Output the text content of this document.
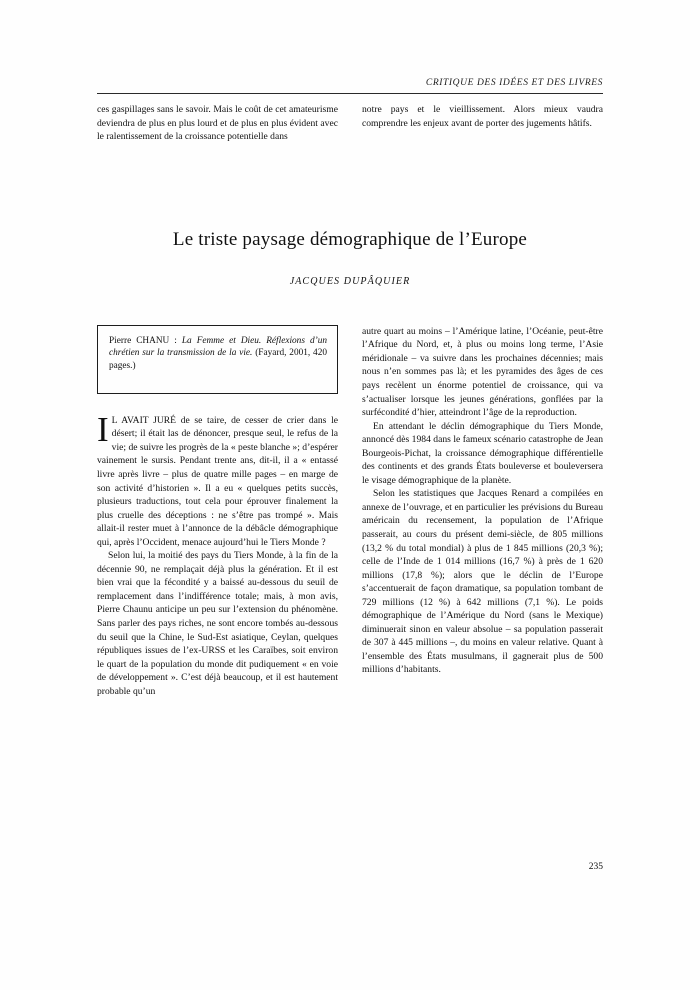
CRITIQUE DES IDÉES ET DES LIVRES
ces gaspillages sans le savoir. Mais le coût de cet amateurisme deviendra de plus en plus lourd et de plus en plus évident avec le ralentissement de la croissance potentielle dans
notre pays et le vieillissement. Alors mieux vaudra comprendre les enjeux avant de porter des jugements hâtifs.
Le triste paysage démographique de l’Europe
JACQUES DUPÂQUIER
Pierre CHANU : La Femme et Dieu. Réflexions d’un chrétien sur la transmission de la vie. (Fayard, 2001, 420 pages.)

I L AVAIT JURÉ de se taire, de cesser de crier dans le désert; il était las de dénoncer, presque seul, le refus de la vie; de suivre les progrès de la « peste blanche »; d’espérer vainement le sursis. Pendant trente ans, dit-il, il a « entassé livre après livre – plus de quatre mille pages – en marge de son activité d’historien ». Il a eu « quelques petits succès, plusieurs traductions, tout cela pour éprouver finalement la plus cruelle des déceptions : ne s’être pas trompé ». Mais allait-il rester muet à l’annonce de la débâcle démographique qui, après l’Occident, menace aujourd’hui le Tiers Monde ?

Selon lui, la moitié des pays du Tiers Monde, à la fin de la décennie 90, ne remplaçait déjà plus la génération. Et il est bien vrai que la fécondité y a baissé au-dessous du seuil de remplacement dans l’indifférence totale; mais, à mon avis, Pierre Chaunu anticipe un peu sur l’extension du phénomène. Sans parler des pays riches, ne sont encore tombés au-dessous du seuil que la Chine, le Sud-Est asiatique, Ceylan, quelques républiques issues de l’ex-URSS et les Caraïbes, soit environ le quart de la population du monde dit pudiquement « en voie de développement ». C’est déjà beaucoup, et il est hautement probable qu’un

autre quart au moins – l’Amérique latine, l’Océanie, peut-être l’Afrique du Nord, et, à plus ou moins long terme, l’Asie méridionale – va suivre dans les prochaines décennies; mais nous n’en sommes pas là; et les pyramides des âges de ces pays recèlent un énorme potentiel de croissance, qui va s’actualiser lorsque les jeunes générations, gonflées par la surfécondité d’hier, atteindront l’âge de la reproduction.

En attendant le déclin démographique du Tiers Monde, annoncé dès 1984 dans le fameux scénario catastrophe de Jean Bourgeois-Pichat, la croissance démographique différentielle des continents et des grands États bouleverse et bouleversera le visage démographique de la planète.

Selon les statistiques que Jacques Renard a compilées en annexe de l’ouvrage, et en particulier les prévisions du Bureau américain du recensement, la population de l’Afrique passerait, au cours du présent demi-siècle, de 805 millions (13,2 % du total mondial) à plus de 1 845 millions (20,3 %); celle de l’Inde de 1 014 millions (16,7 %) à près de 1 620 millions (17,8 %); alors que le déclin de l’Europe s’accentuerait de façon dramatique, sa population tombant de 729 millions (12 %) à 642 millions (7,1 %). Le poids démographique de l’Amérique du Nord (sans le Mexique) diminuerait sinon en valeur absolue – sa population passerait de 307 à 445 millions –, du moins en valeur relative. Quant à l’ensemble des États musulmans, il gagnerait plus de 500 millions d’habitants.

235
